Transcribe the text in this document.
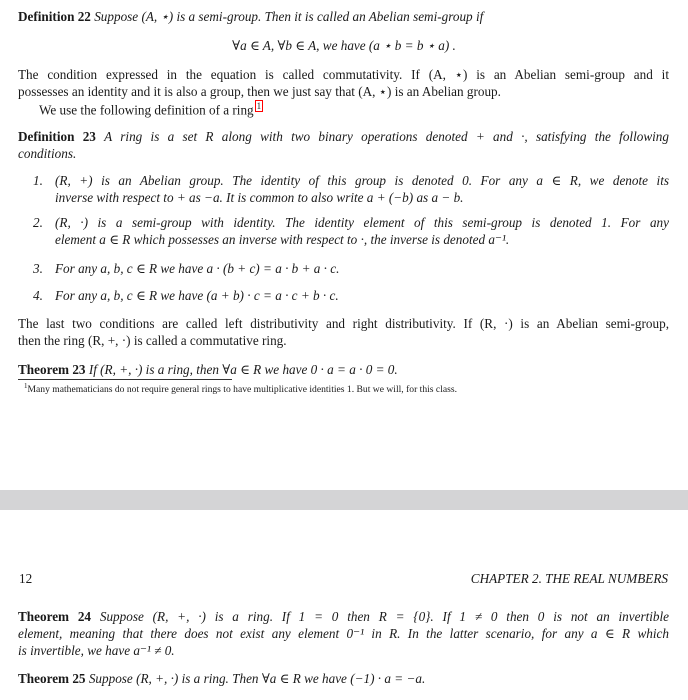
Definition 22 Suppose (A, ⋆) is a semi-group. Then it is called an Abelian semi-group if
∀a ∈ A, ∀b ∈ A, we have (a ⋆ b = b ⋆ a) .
The condition expressed in the equation is called commutativity. If (A, ⋆) is an Abelian semi-group and it
possesses an identity and it is also a group, then we just say that (A, ⋆) is an Abelian group.
We use the following definition of a ring 1
Definition 23 A ring is a set R along with two binary operations denoted + and ·, satisfying the following
conditions.
1. (R, +) is an Abelian group. The identity of this group is denoted 0. For any a ∈ R, we denote its
inverse with respect to + as −a. It is common to also write a + (−b) as a − b.
2. (R, ·) is a semi-group with identity. The identity element of this semi-group is denoted 1. For any
element a ∈ R which possesses an inverse with respect to ·, the inverse is denoted a⁻¹.
3. For any a, b, c ∈ R we have a · (b + c) = a · b + a · c.
4. For any a, b, c ∈ R we have (a + b) · c = a · c + b · c.
The last two conditions are called left distributivity and right distributivity. If (R, ·) is an Abelian semi-group,
then the ring (R, +, ·) is called a commutative ring.
Theorem 23 If (R, +, ·) is a ring, then ∀a ∈ R we have 0 · a = a · 0 = 0.
$^1$Many mathematicians do not require general rings to have multiplicative identities 1. But we will, for this class.
12	CHAPTER 2. THE REAL NUMBERS
Theorem 24 Suppose (R, +, ·) is a ring. If 1 = 0 then R = {0}. If 1 ≠ 0 then 0 is not an invertible
element, meaning that there does not exist any element 0⁻¹ in R. In the latter scenario, for any a ∈ R which
is invertible, we have a⁻¹ ≠ 0.
Theorem 25 Suppose (R, +, ·) is a ring. Then ∀a ∈ R we have (−1) · a = −a.
